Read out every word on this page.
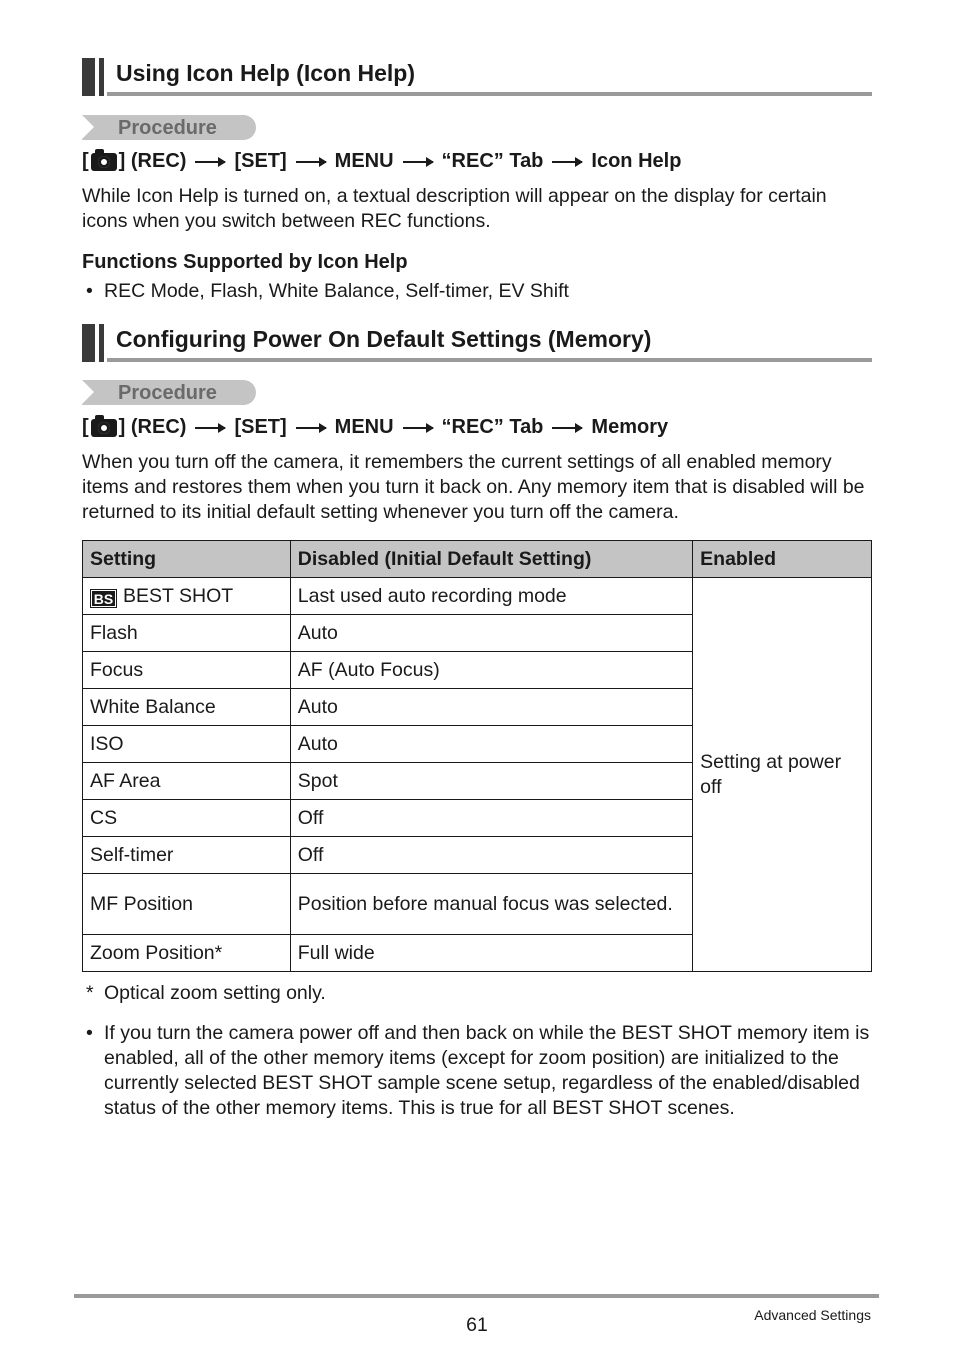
Using Icon Help (Icon Help)
Procedure
[ ] (REC) [SET] MENU “REC” Tab Icon Help
While Icon Help is turned on, a textual description will appear on the display for certain icons when you switch between REC functions.
Functions Supported by Icon Help
• REC Mode, Flash, White Balance, Self-timer, EV Shift
Configuring Power On Default Settings (Memory)
Procedure
[ ] (REC) [SET] MENU “REC” Tab Memory
When you turn off the camera, it remembers the current settings of all enabled memory items and restores them when you turn it back on. Any memory item that is disabled will be returned to its initial default setting whenever you turn off the camera.
Setting	Disabled (Initial Default Setting)	Enabled
BS BEST SHOT	Last used auto recording mode	Setting at power off
Flash	Auto	
Focus	AF (Auto Focus)	
White Balance	Auto	
ISO	Auto	
AF Area	Spot	
CS	Off	
Self-timer	Off	
MF Position	Position before manual focus was selected.	
Zoom Position*	Full wide	
* Optical zoom setting only.
• If you turn the camera power off and then back on while the BEST SHOT memory item is enabled, all of the other memory items (except for zoom position) are initialized to the currently selected BEST SHOT sample scene setup, regardless of the enabled/disabled status of the other memory items. This is true for all BEST SHOT scenes.
61	Advanced Settings
